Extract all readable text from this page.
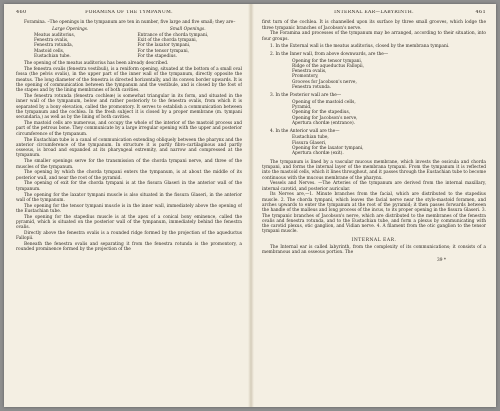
460	FORAMINA OF THE TYMPANUM.

Foramina. –The openings in the tympanum are ten in number, five large and five small; they are–

Large Openings.
Meatus auditorius,
Fenestra ovalis,
Fenestra rotunda,
Mastoid cells,
Eustachian tube.
Small Openings.
Entrance of the chorda tympani,
Exit of the chorda tympani,
For the laxator tympani,
For the tensor tympani,
For the stapedius.

The opening of the meatus auditorius has been already described.

The fenestra ovalis (fenestra vestibuli), is a reniform opening, situated at the bottom of a small oval fossa (the pelvis ovalis), in the upper part of the inner wall of the tympanum, directly opposite the meatus. The long diameter of the fenestra is directed horizontally, and its convex border upwards. It is the opening of communication between the tympanum and the vestibule, and is closed by the foot of the stapes and by the lining membranes of both cavities.

The fenestra rotunda (fenestra cochleæ) is somewhat triangular in its form, and situated in the inner wall of the tympanum, below and rather posteriorly to the fenestra ovalis, from which it is separated by a bony elevation, called the promontory. It serves to establish a communication between the tympanum and the cochlea. In the fresh subject it is closed by a proper membrane (m. tympani secundaria,) as well as by the lining of both cavities.

The mastoid cells are numerous, and occupy the whole of the interior of the mastoid process and part of the petrous bone. They communicate by a large irregular opening with the upper and posterior circumference of the tympanum.

The Eustachian tube is a canal of communication extending obliquely between the pharynx and the anterior circumference of the tympanum. In structure it is partly fibro-cartilaginous and partly osseous, is broad and expanded at its pharyngeal extremity, and narrow and compressed at the tympanum.

The smaller openings serve for the transmission of the chorda tympani nerve, and three of the muscles of the tympanum.

The opening by which the chorda tympani enters the tympanum, is at about the middle of its posterior wall, and near the root of the pyramid.

The opening of exit for the chorda tympani is at the fissura Glaseri in the anterior wall of the tympanum.

The opening for the laxator tympani muscle is also situated in the fissura Glaseri, in the anterior wall of the tympanum.

The opening for the tensor tympani muscle is in the inner wall, immediately above the opening of the Eustachian tube.

The opening for the stapedius muscle is at the apex of a conical bony eminence, called the pyramid, which is situated on the posterior wall of the tympanum, immediately behind the fenestra ovalis.

Directly above the fenestra ovalis is a rounded ridge formed by the projection of the aqueductus Fallopii.

Beneath the fenestra ovalis and separating it from the fenestra rotunda is the promontory, a rounded prominence formed by the projection of the

INTERNAL EAR—LABYRINTH.	461

first turn of the cochlea. It is channelled upon its surface by three small grooves, which lodge the three tympanic branches of Jacobson's nerve.

The Foramina and processes of the tympanum may be arranged, according to their situation, into four groups.

1. In the External wall is the meatus auditorius, closed by the membrana tympani.
2. In the Inner wall, from above downwards, are the—
Opening for the tensor tympani,
Ridge of the aqueductus Fallopii,
Fenestra ovalis,
Promontory,
Grooves for Jacobson's nerve,
Fenestra rotunda.
3. In the Posterior wall are the—
Opening of the mastoid cells,
Pyramid,
Opening for the stapedius,
Opening for Jacobson's nerve,
Apertura chordæ (entrance).
4. In the Anterior wall are the—
Eustachian tube,
Fissura Glaseri,
Opening for the laxator tympani,
Apertura chordæ (exit).

The tympanum is lined by a vascular mucous membrane, which invests the ossicula and chorda tympani, and forms the internal layer of the membrana tympani. From the tympanum it is reflected into the mastoid cells, which it lines throughout, and it passes through the Eustachian tube to become continuous with the mucous membrane of the pharynx.

Vessels and Nerves. —The Arteries of the tympanum are derived from the internal maxillary, internal carotid, and posterior auricular.

Its Nerves are,—1. Minute branches from the facial, which are distributed to the stapedius muscle. 2. The chorda tympani, which leaves the facial nerve near the stylo-mastoid foramen, and arches upwards to enter the tympanum at the root of the pyramid; it then passes forwards between the handle of the malleus and long process of the incus, to its proper opening in the fissura Glaseri. 3. The tympanic branches of Jacobson's nerve, which are distributed to the membranes of the fenestra ovalis and fenestra rotunda, and to the Eustachian tube, and form a plexus by communicating with the carotid plexus, otic ganglion, and Vidian nerve. 4. A filament from the otic ganglion to the tensor tympani muscle.

INTERNAL EAR.

The Internal ear is called labyrinth, from the complexity of its communications; it consists of a membranous and an osseous portion. The

39 *
